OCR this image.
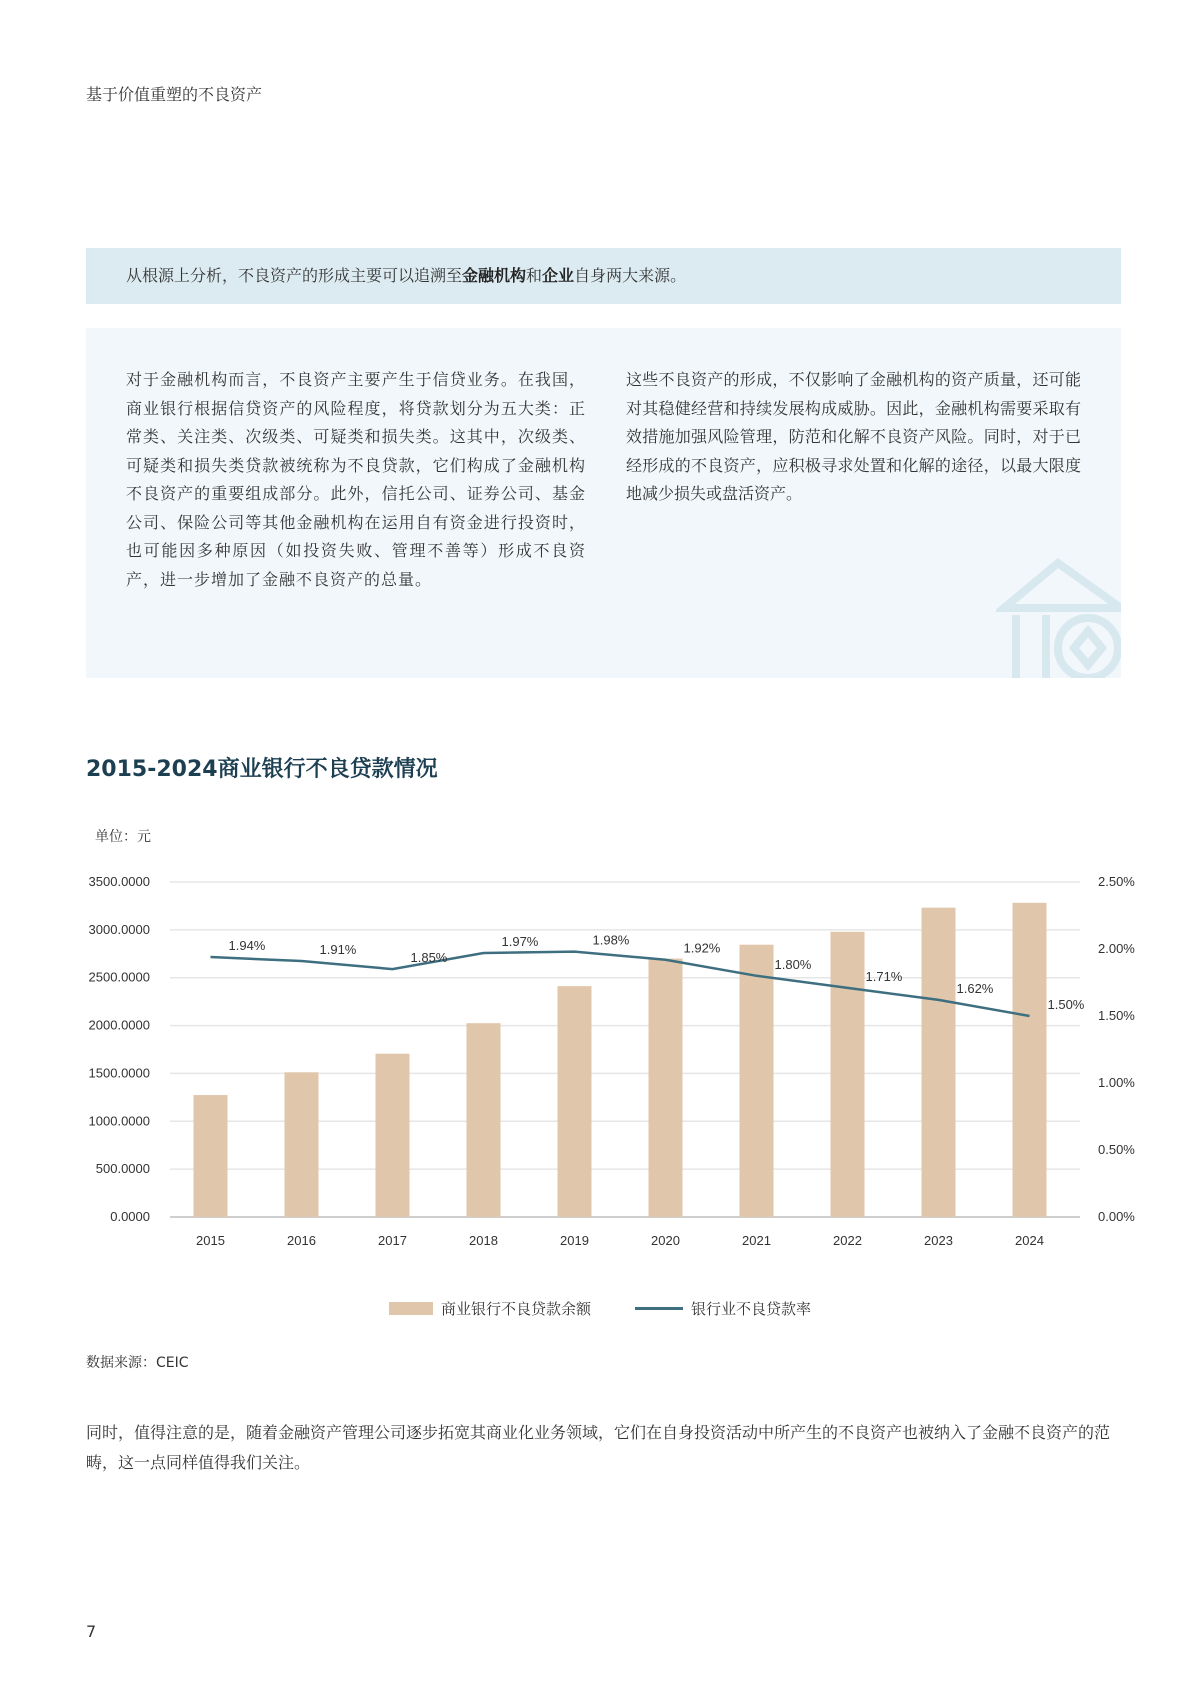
基于价值重塑的不良资产
从根源上分析，不良资产的形成主要可以追溯至金融机构和企业自身两大来源。
对于金融机构而言，不良资产主要产生于信贷业务。在我国，商业银行根据信贷资产的风险程度，将贷款划分为五大类：正常类、关注类、次级类、可疑类和损失类。这其中，次级类、可疑类和损失类贷款被统称为不良贷款，它们构成了金融机构不良资产的重要组成部分。此外，信托公司、证券公司、基金公司、保险公司等其他金融机构在运用自有资金进行投资时，也可能因多种原因（如投资失败、管理不善等）形成不良资产，进一步增加了金融不良资产的总量。
这些不良资产的形成，不仅影响了金融机构的资产质量，还可能对其稳健经营和持续发展构成威胁。因此，金融机构需要采取有效措施加强风险管理，防范和化解不良资产风险。同时，对于已经形成的不良资产，应积极寻求处置和化解的途径，以最大限度地减少损失或盘活资产。
2015-2024商业银行不良贷款情况
单位：元
1.94%	1.91%
1.85%
1.97%	1.98%
1.92%
1.80%
1.71%
1.62%
1.50%
0.0000
500.0000
1000.0000
1500.0000
2000.0000
2500.0000
3000.0000
3500.0000
0.00%
0.50%
1.00%
1.50%
2.00%
2.50%
2015	2016	2017	2018	2019	2020	2021	2022	2023	2024
商业银行不良贷款余额	银行业不良贷款率
数据来源：CEIC
同时，值得注意的是，随着金融资产管理公司逐步拓宽其商业化业务领域，它们在自身投资活动中所产生的不良资产也被纳入了金融不良资产的范畴，这一点同样值得我们关注。
7
